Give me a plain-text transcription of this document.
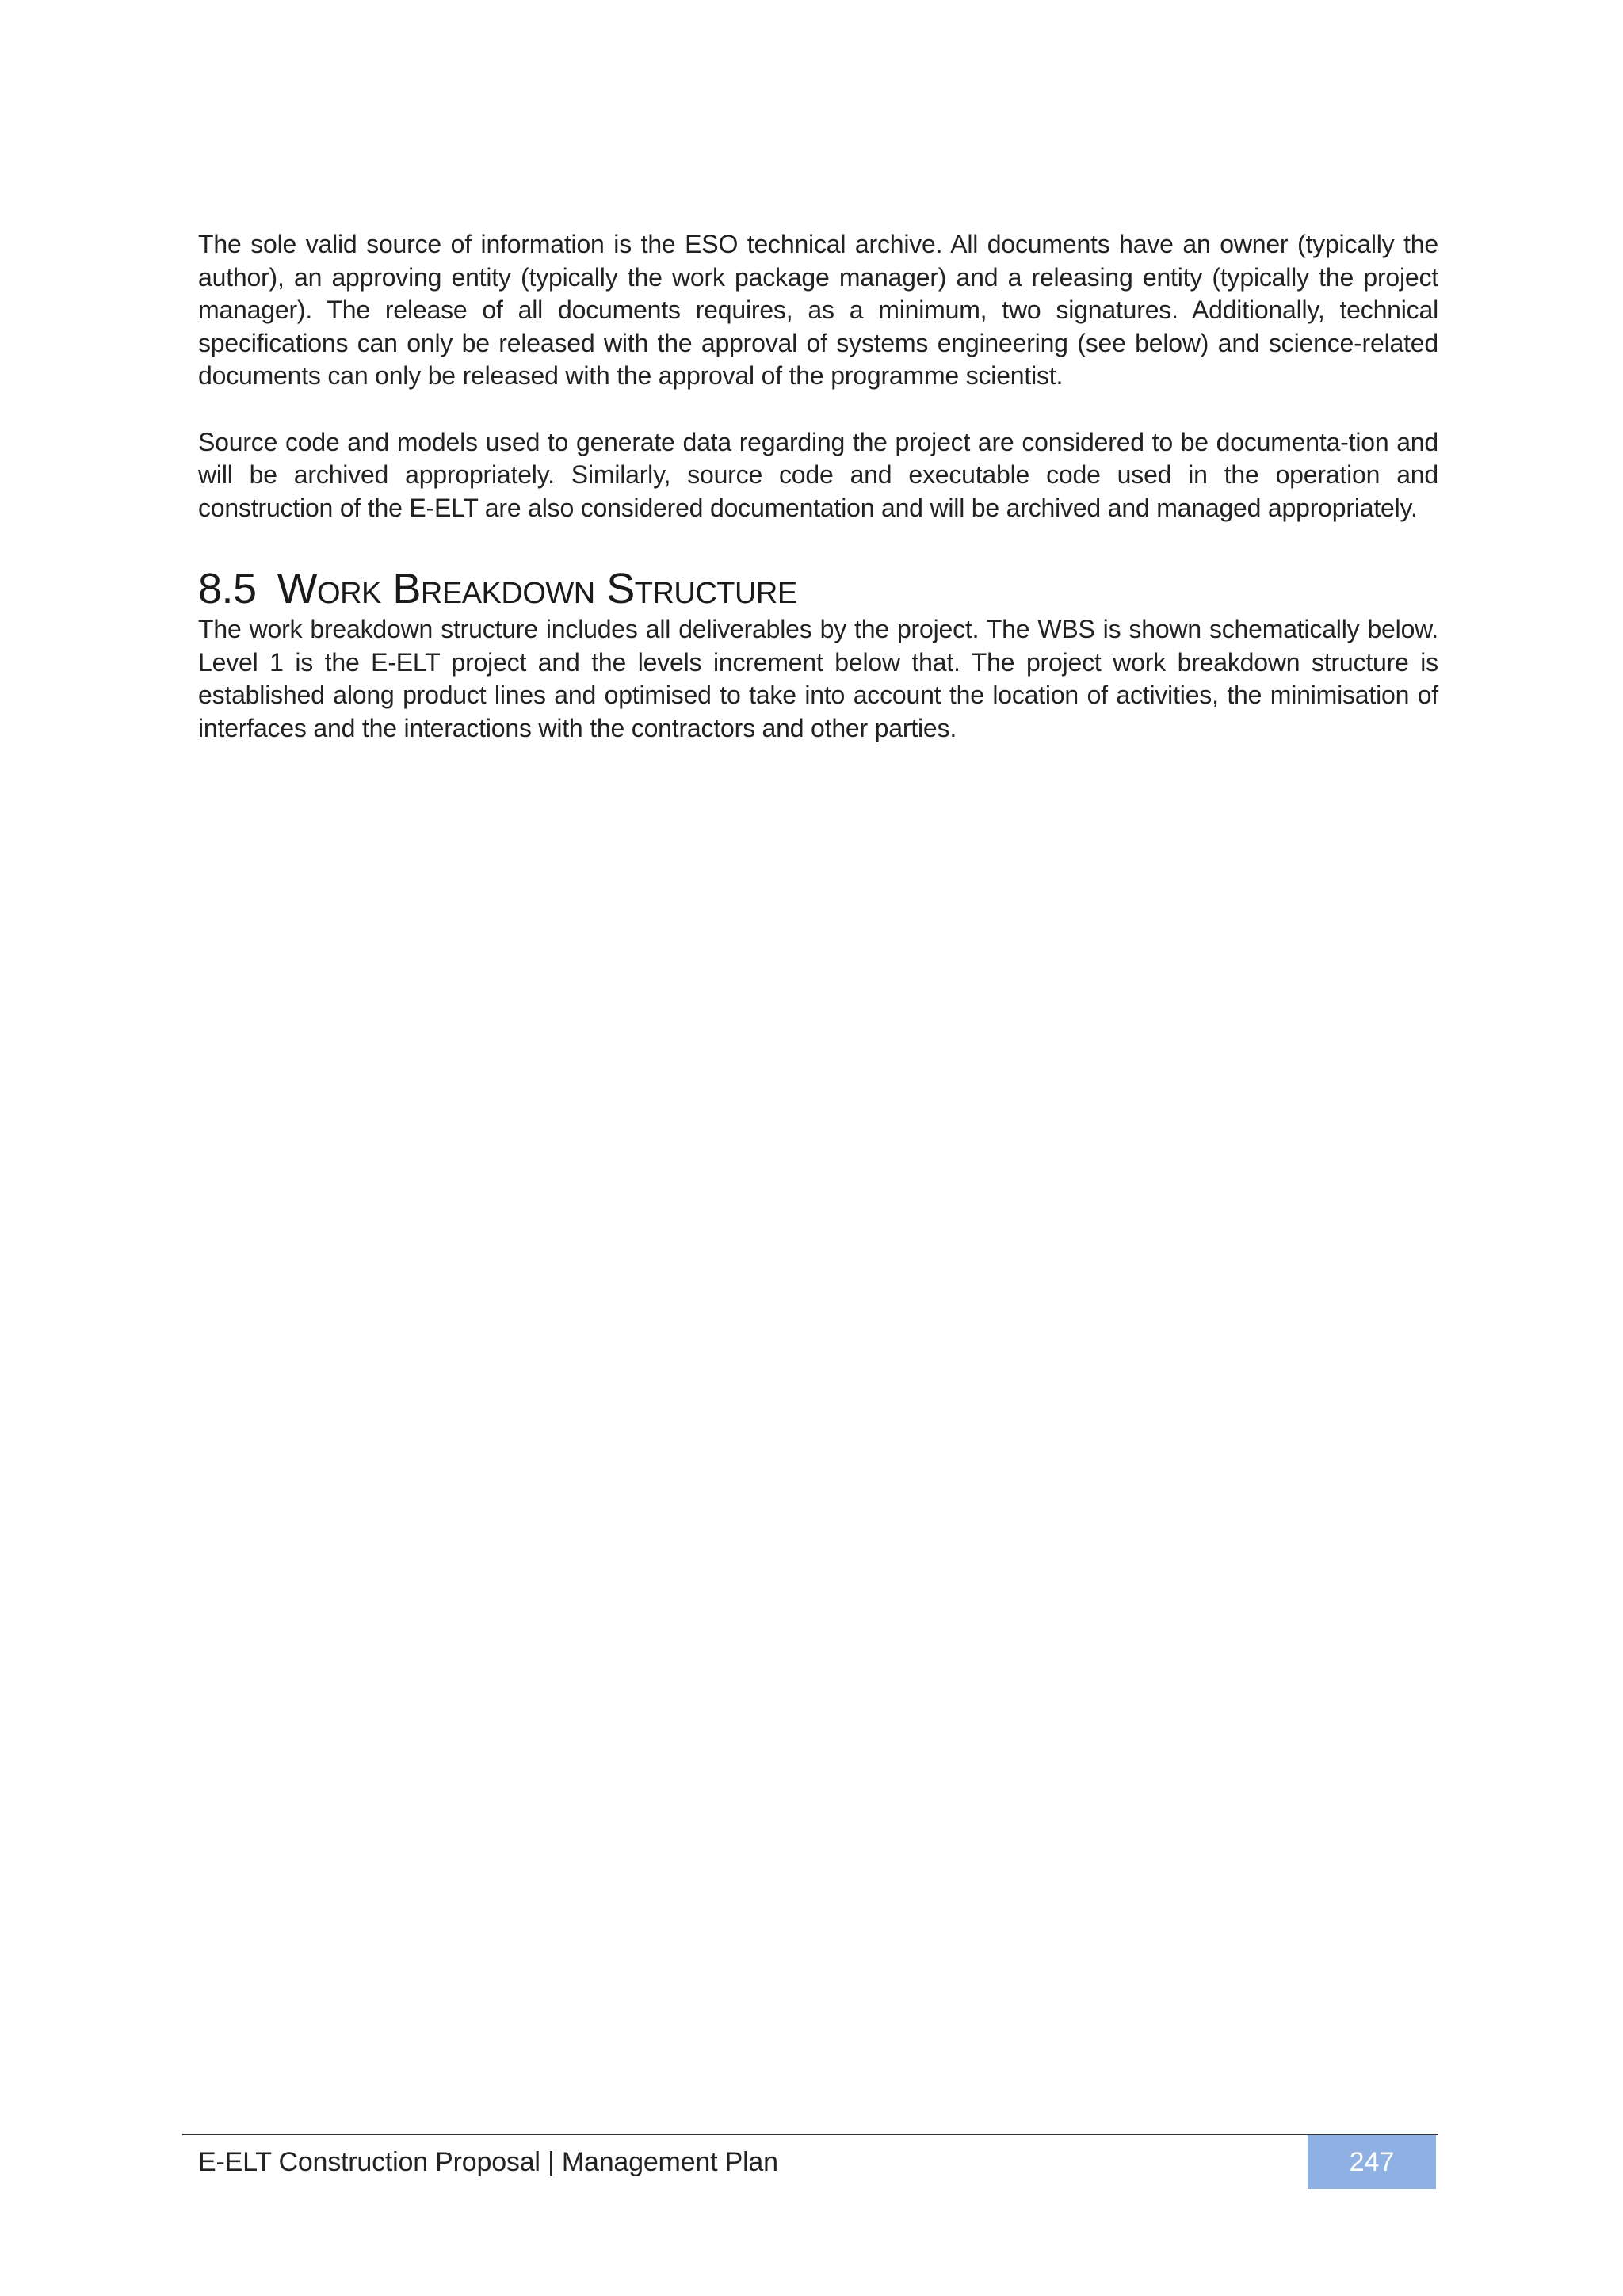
The sole valid source of information is the ESO technical archive. All documents have an owner (typically the author), an approving entity (typically the work package manager) and a releasing entity (typically the project manager). The release of all documents requires, as a minimum, two signatures. Additionally, technical specifications can only be released with the approval of systems engineering (see below) and science-related documents can only be released with the approval of the programme scientist.

Source code and models used to generate data regarding the project are considered to be documenta-tion and will be archived appropriately. Similarly, source code and executable code used in the operation and construction of the E-ELT are also considered documentation and will be archived and managed appropriately.

8.5 Work Breakdown Structure

The work breakdown structure includes all deliverables by the project. The WBS is shown schematically below. Level 1 is the E-ELT project and the levels increment below that. The project work breakdown structure is established along product lines and optimised to take into account the location of activities, the minimisation of interfaces and the interactions with the contractors and other parties.

E-ELT Construction Proposal | Management Plan	247
